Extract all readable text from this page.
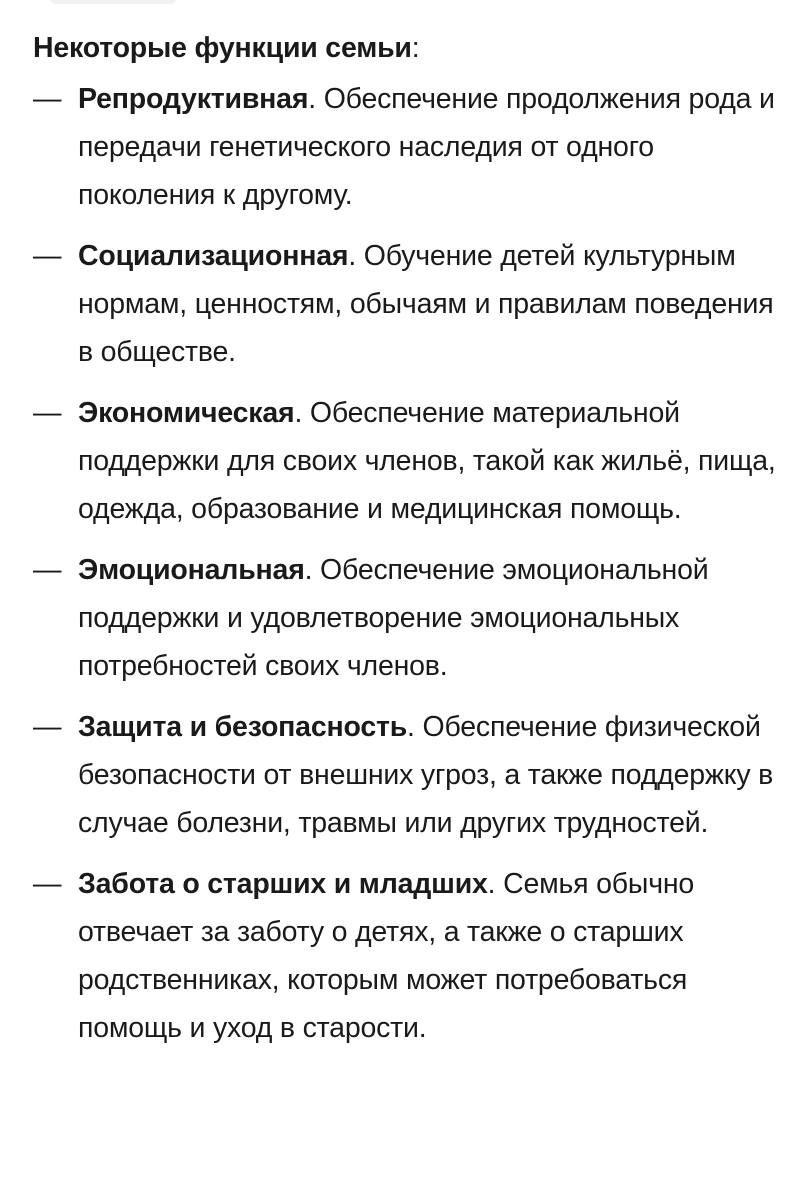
Некоторые функции семьи:

— Репродуктивная. Обеспечение продолжения рода и передачи генетического наследия от одного поколения к другому.
— Социализационная. Обучение детей культурным нормам, ценностям, обычаям и правилам поведения в обществе.
— Экономическая. Обеспечение материальной поддержки для своих членов, такой как жильё, пища, одежда, образование и медицинская помощь.
— Эмоциональная. Обеспечение эмоциональной поддержки и удовлетворение эмоциональных потребностей своих членов.
— Защита и безопасность. Обеспечение физической безопасности от внешних угроз, а также поддержку в случае болезни, травмы или других трудностей.
— Забота о старших и младших. Семья обычно отвечает за заботу о детях, а также о старших родственниках, которым может потребоваться помощь и уход в старости.
